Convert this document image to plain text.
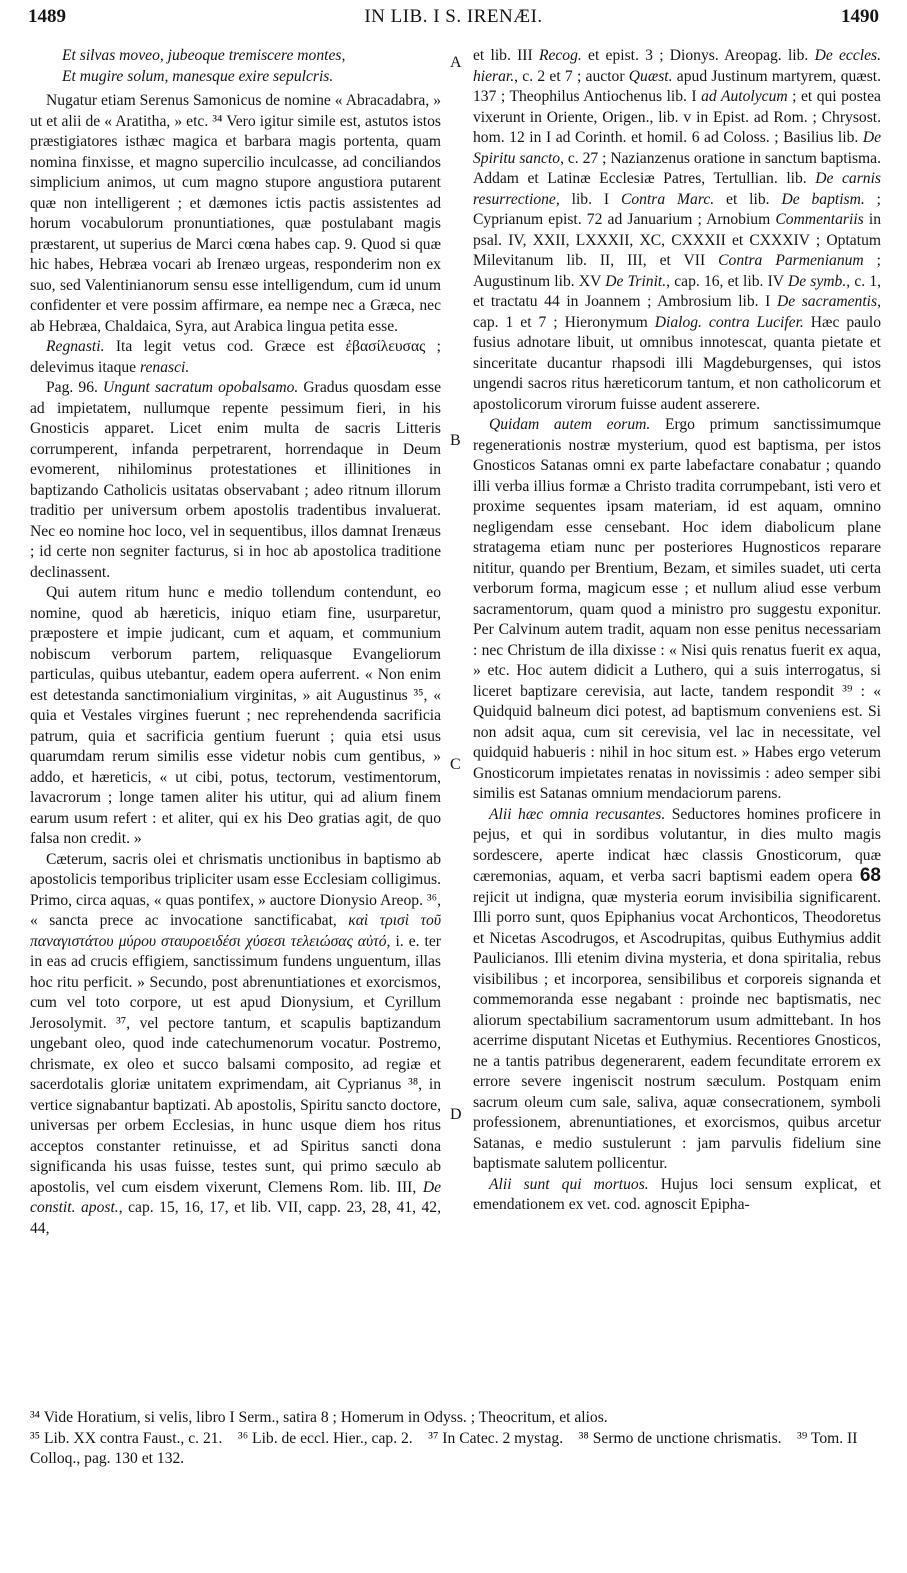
1489	IN LIB. I S. IRENÆI.	1490
A
B
C
D

Et silvas moveo, jubeoque tremiscere montes,
Et mugire solum, manesque exire sepulcris.

Nugatur etiam Serenus Samonicus de nomine « Abracadabra, » ut et alii de « Aratitha, » etc. ³⁴ Vero igitur simile est, astutos istos præstigiatores isthæc magica et barbara magis portenta, quam nomina finxisse, et magno supercilio inculcasse, ad conciliandos simplicium animos, ut cum magno stupore angustiora putarent quæ non intelligerent ; et dæmones ictis pactis assistentes ad horum vocabulorum pronuntiationes, quæ postulabant magis præstarent, ut superius de Marci cœna habes cap. 9. Quod si quæ hic habes, Hebræa vocari ab Irenæo urgeas, responderim non ex suo, sed Valentinianorum sensu esse intelligendum, cum id unum confidenter et vere possim affirmare, ea nempe nec a Græca, nec ab Hebræa, Chaldaica, Syra, aut Arabica lingua petita esse.

Regnasti. Ita legit vetus cod. Græce est ἐβασίλευσας ; delevimus itaque renasci.

Pag. 96. Ungunt sacratum opobalsamo. Gradus quosdam esse ad impietatem, nullumque repente pessimum fieri, in his Gnosticis apparet. Licet enim multa de sacris Litteris corrumperent, infanda perpetrarent, horrendaque in Deum evomerent, nihilominus protestationes et illinitiones in baptizando Catholicis usitatas observabant ; adeo ritnum illorum traditio per universum orbem apostolis tradentibus invaluerat. Nec eo nomine hoc loco, vel in sequentibus, illos damnat Irenæus ; id certe non segniter facturus, si in hoc ab apostolica traditione declinassent.

Qui autem ritum hunc e medio tollendum contendunt, eo nomine, quod ab hæreticis, iniquo etiam fine, usurparetur, præpostere et impie judicant, cum et aquam, et communium nobiscum verborum partem, reliquasque Evangeliorum particulas, quibus utebantur, eadem opera auferrent. « Non enim est detestanda sanctimonialium virginitas, » ait Augustinus ³⁵, « quia et Vestales virgines fuerunt ; nec reprehendenda sacrificia patrum, quia et sacrificia gentium fuerunt ; quia etsi usus quarumdam rerum similis esse videtur nobis cum gentibus, » addo, et hæreticis, « ut cibi, potus, tectorum, vestimentorum, lavacrorum ; longe tamen aliter his utitur, qui ad alium finem earum usum refert : et aliter, qui ex his Deo gratias agit, de quo falsa non credit. »

Cæterum, sacris olei et chrismatis unctionibus in baptismo ab apostolicis temporibus tripliciter usam esse Ecclesiam colligimus. Primo, circa aquas, « quas pontifex, » auctore Dionysio Areop. ³⁶, « sancta prece ac invocatione sanctificabat, καὶ τρισὶ τοῦ παναγιστάτου μύρου σταυροειδέσι χύσεσι τελειώσας αὐτό, i. e. ter in eas ad crucis effigiem, sanctissimum fundens unguentum, illas hoc ritu perficit. » Secundo, post abrenuntiationes et exorcismos, cum vel toto corpore, ut est apud Dionysium, et Cyrillum Jerosolymit. ³⁷, vel pectore tantum, et scapulis baptizandum ungebant oleo, quod inde catechumenorum vocatur. Postremo, chrismate, ex oleo et succo balsami composito, ad regiæ et sacerdotalis gloriæ unitatem exprimendam, ait Cyprianus ³⁸, in vertice signabantur baptizati. Ab apostolis, Spiritu sancto doctore, universas per orbem Ecclesias, in hunc usque diem hos ritus acceptos constanter retinuisse, et ad Spiritus sancti dona significanda his usas fuisse, testes sunt, qui primo sæculo ab apostolis, vel cum eisdem vixerunt, Clemens Rom. lib. III, De constit. apost., cap. 15, 16, 17, et lib. VII, capp. 23, 28, 41, 42, 44,

et lib. III Recog. et epist. 3 ; Dionys. Areopag. lib. De eccles. hierar., c. 2 et 7 ; auctor Quæst. apud Justinum martyrem, quæst. 137 ; Theophilus Antiochenus lib. I ad Autolycum ; et qui postea vixerunt in Oriente, Origen., lib. v in Epist. ad Rom. ; Chrysost. hom. 12 in I ad Corinth. et homil. 6 ad Coloss. ; Basilius lib. De Spiritu sancto, c. 27 ; Nazianzenus oratione in sanctum baptisma. Addam et Latinæ Ecclesiæ Patres, Tertullian. lib. De carnis resurrectione, lib. I Contra Marc. et lib. De baptism. ; Cyprianum epist. 72 ad Januarium ; Arnobium Commentariis in psal. IV, XXII, LXXXII, XC, CXXXII et CXXXIV ; Optatum Milevitanum lib. II, III, et VII Contra Parmenianum ; Augustinum lib. XV De Trinit., cap. 16, et lib. IV De symb., c. 1, et tractatu 44 in Joannem ; Ambrosium lib. I De sacramentis, cap. 1 et 7 ; Hieronymum Dialog. contra Lucifer. Hæc paulo fusius adnotare libuit, ut omnibus innotescat, quanta pietate et sinceritate ducantur rhapsodi illi Magdeburgenses, qui istos ungendi sacros ritus hæreticorum tantum, et non catholicorum et apostolicorum virorum fuisse audent asserere.

Quidam autem eorum. Ergo primum sanctissimumque regenerationis nostræ mysterium, quod est baptisma, per istos Gnosticos Satanas omni ex parte labefactare conabatur ; quando illi verba illius formæ a Christo tradita corrumpebant, isti vero et proxime sequentes ipsam materiam, id est aquam, omnino negligendam esse censebant. Hoc idem diabolicum plane stratagema etiam nunc per posteriores Hugnosticos reparare nititur, quando per Brentium, Bezam, et similes suadet, uti certa verborum forma, magicum esse ; et nullum aliud esse verbum sacramentorum, quam quod a ministro pro suggestu exponitur. Per Calvinum autem tradit, aquam non esse penitus necessariam : nec Christum de illa dixisse : « Nisi quis renatus fuerit ex aqua, » etc. Hoc autem didicit a Luthero, qui a suis interrogatus, si liceret baptizare cerevisia, aut lacte, tandem respondit ³⁹ : « Quidquid balneum dici potest, ad baptismum conveniens est. Si non adsit aqua, cum sit cerevisia, vel lac in necessitate, vel quidquid habueris : nihil in hoc situm est. » Habes ergo veterum Gnosticorum impietates renatas in novissimis : adeo semper sibi similis est Satanas omnium mendaciorum parens.

Alii hæc omnia recusantes. Seductores homines proficere in pejus, et qui in sordibus volutantur, in dies multo magis sordescere, aperte indicat hæc classis Gnosticorum, quæ cæremonias, aquam, et verba sacri baptismi eadem opera 68 rejicit ut indigna, quæ mysteria eorum invisibilia significarent. Illi porro sunt, quos Epiphanius vocat Archonticos, Theodoretus et Nicetas Ascodrugos, et Ascodrupitas, quibus Euthymius addit Paulicianos. Illi etenim divina mysteria, et dona spiritalia, rebus visibilibus ; et incorporea, sensibilibus et corporeis signanda et commemoranda esse negabant : proinde nec baptismatis, nec aliorum spectabilium sacramentorum usum admittebant. In hos acerrime disputant Nicetas et Euthymius. Recentiores Gnosticos, ne a tantis patribus degenerarent, eadem fecunditate errorem ex errore severe ingeniscit nostrum sæculum. Postquam enim sacrum oleum cum sale, saliva, aquæ consecrationem, symboli professionem, abrenuntiationes, et exorcismos, quibus arcetur Satanas, e medio sustulerunt : jam parvulis fidelium sine baptismate salutem pollicentur.

Alii sunt qui mortuos. Hujus loci sensum explicat, et emendationem ex vet. cod. agnoscit Epipha-

³⁴ Vide Horatium, si velis, libro I Serm., satira 8 ; Homerum in Odyss. ; Theocritum, et alios.

³⁵ Lib. XX contra Faust., c. 21. ³⁶ Lib. de eccl. Hier., cap. 2. ³⁷ In Catec. 2 mystag. ³⁸ Sermo de unctione chrismatis. ³⁹ Tom. II Colloq., pag. 130 et 132.
